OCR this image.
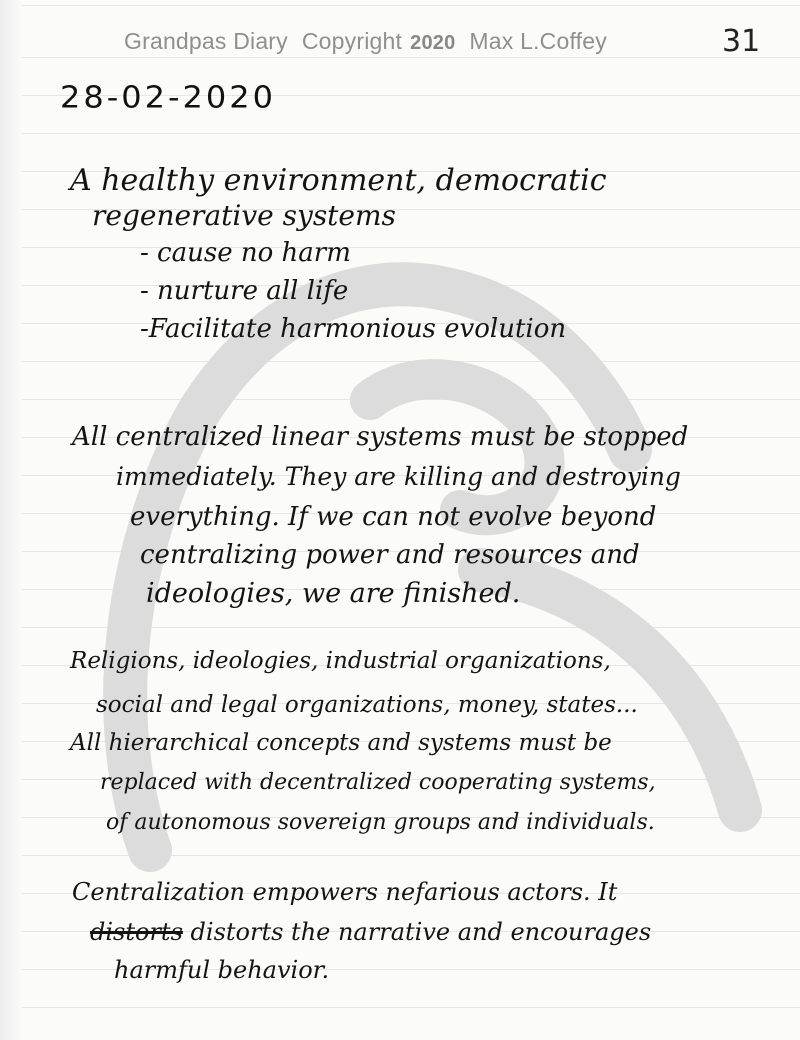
Grandpas Diary Copyright 2020 Max L.Coffey	31
28-02-2020
A healthy environment, democratic
regenerative systems
- cause no harm
- nurture all life
-Facilitate harmonious evolution
All centralized linear systems must be stopped
immediately. They are killing and destroying
everything. If we can not evolve beyond
centralizing power and resources and
ideologies, we are finished.
Religions, ideologies, industrial organizations,
social and legal organizations, money, states...
All hierarchical concepts and systems must be
replaced with decentralized cooperating systems,
of autonomous sovereign groups and individuals.
Centralization empowers nefarious actors. It
distorts distorts the narrative and encourages
harmful behavior.
